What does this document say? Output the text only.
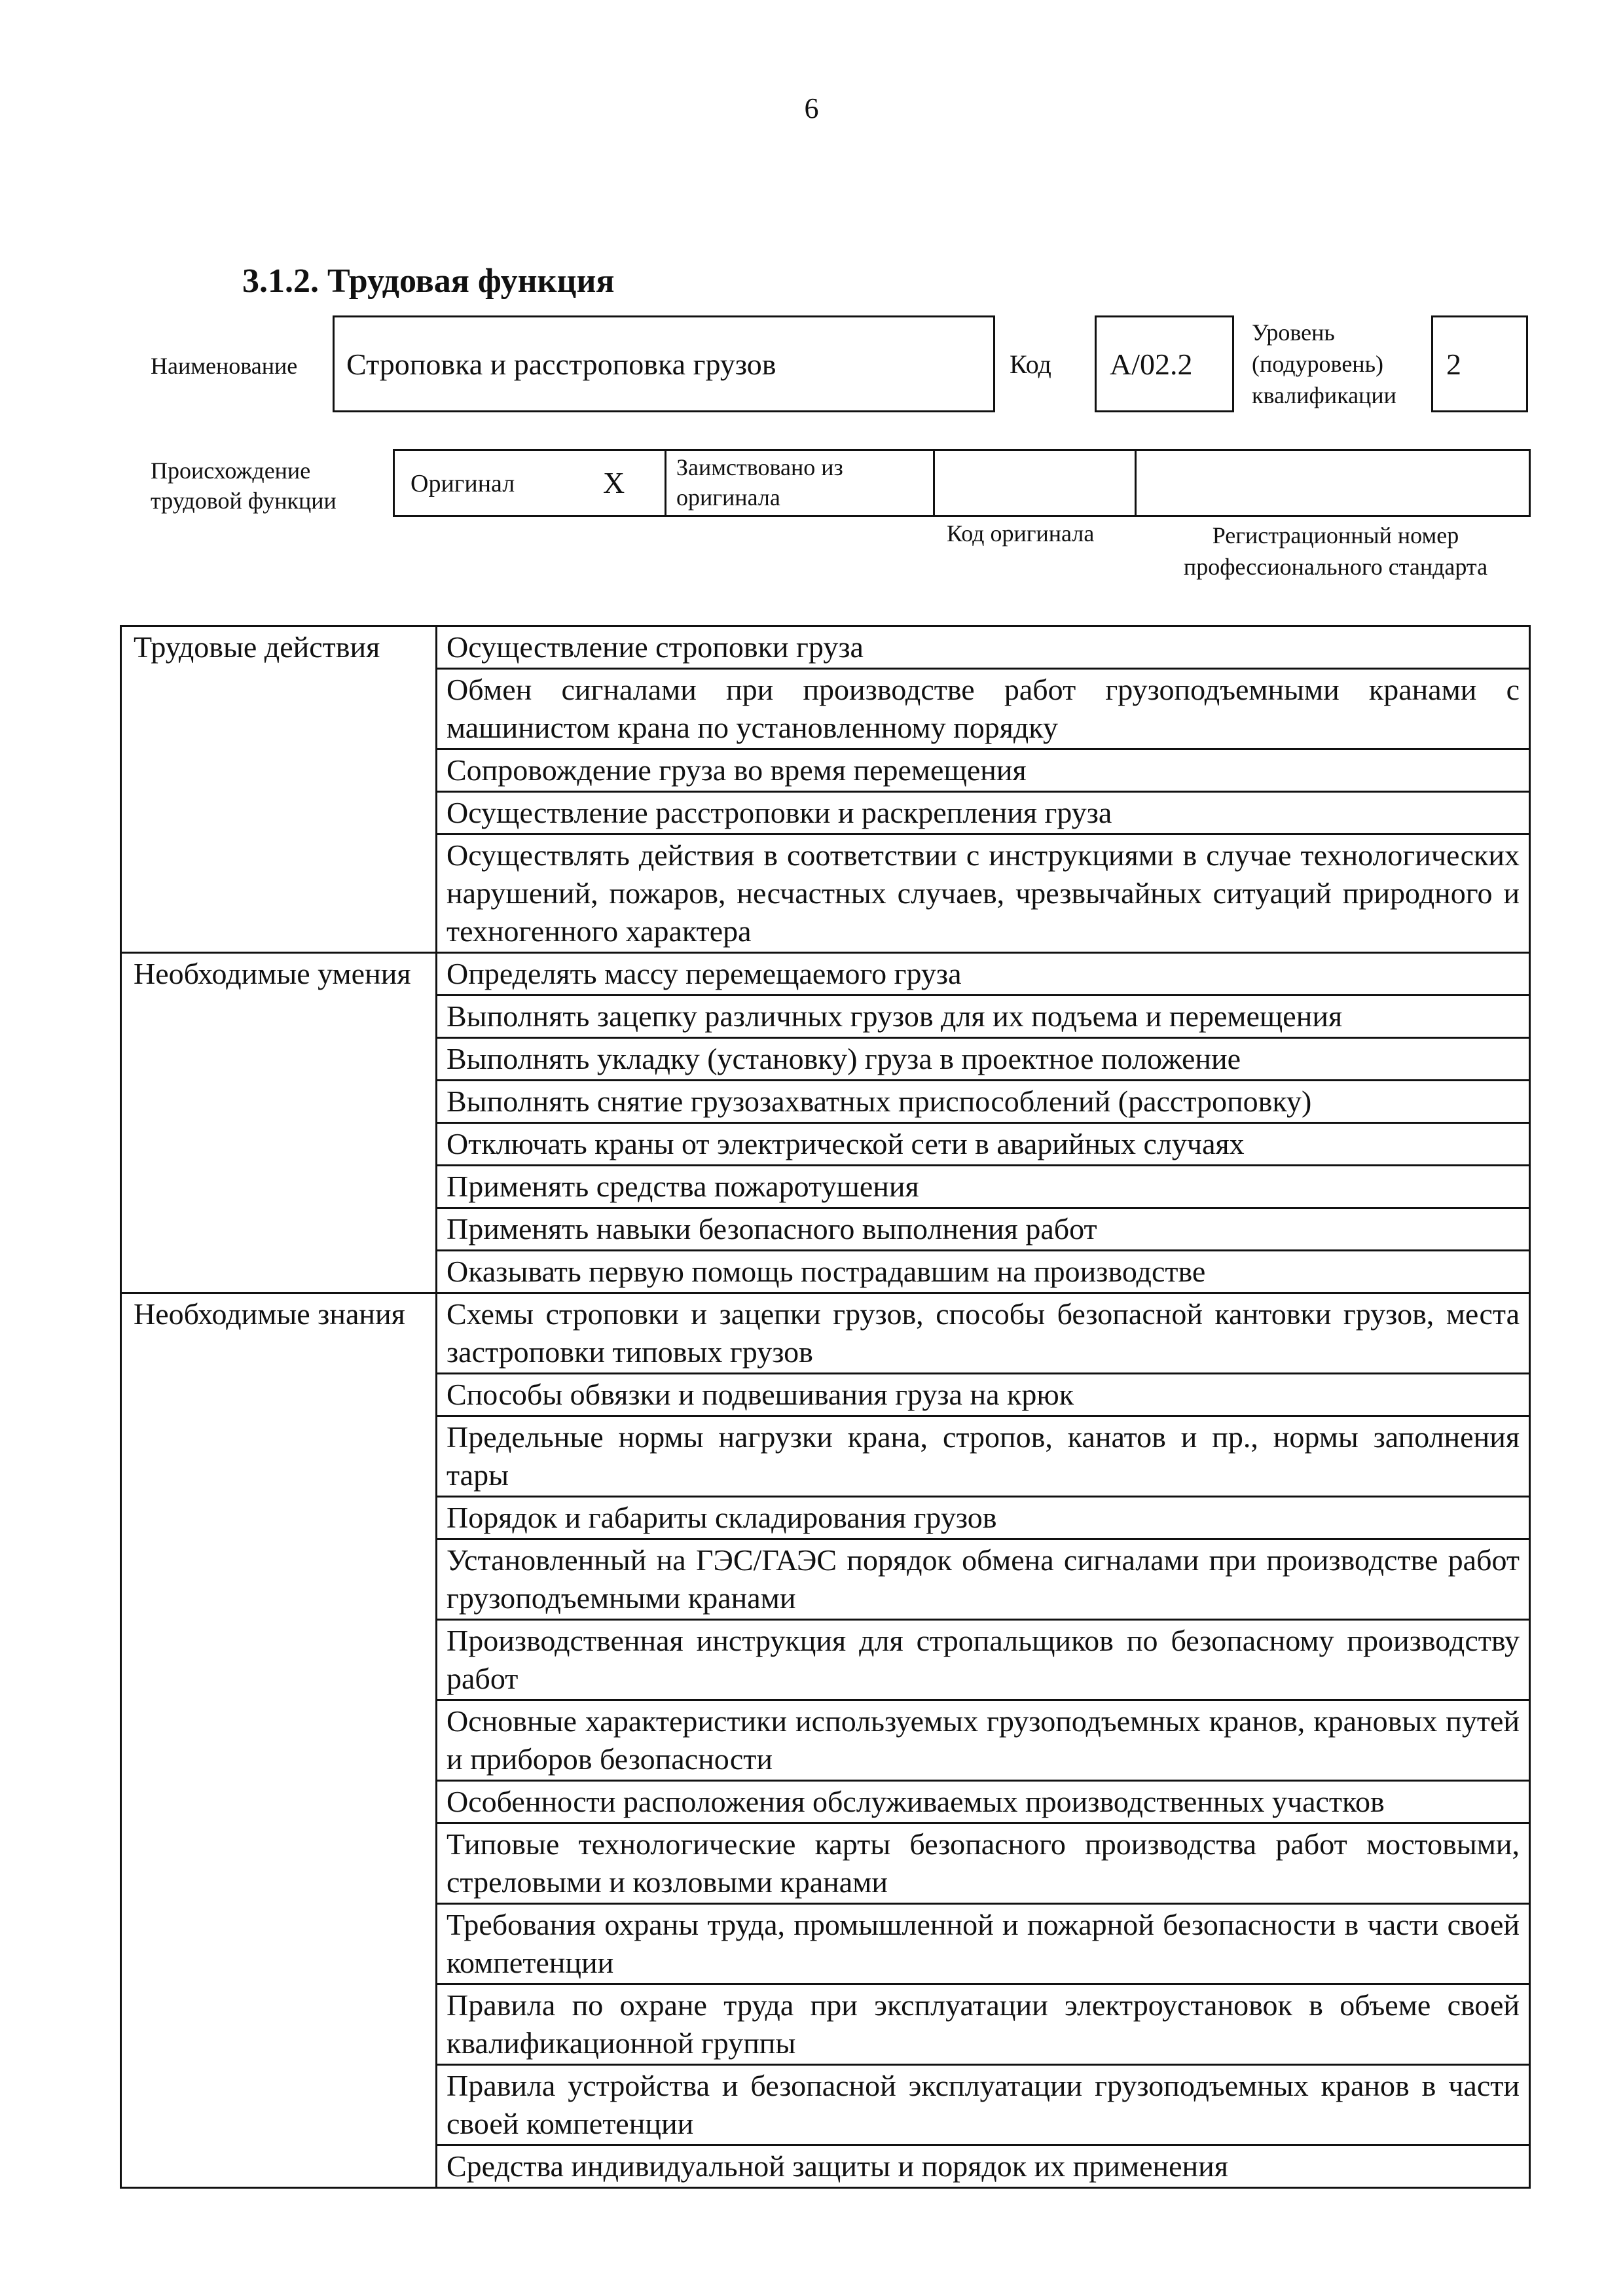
6
3.1.2. Трудовая функция
Наименование Строповка и расстроповка грузов	Код A/02.2
Уровень
(подуровень)
квалификации
2
Происхождение
трудовой функции
Оригинал	X Заимствовано из
оригинала
Код оригинала	Регистрационный номер
профессионального стандарта
Трудовые действия	Осуществление строповки груза
	Обмен сигналами при производстве работ грузоподъемными кранами с машинистом крана по установленному порядку
	Сопровождение груза во время перемещения
	Осуществление расстроповки и раскрепления груза
	Осуществлять действия в соответствии с инструкциями в случае технологических нарушений, пожаров, несчастных случаев, чрезвычайных ситуаций природного и техногенного характера
Необходимые умения	Определять массу перемещаемого груза
	Выполнять зацепку различных грузов для их подъема и перемещения
	Выполнять укладку (установку) груза в проектное положение
	Выполнять снятие грузозахватных приспособлений (расстроповку)
	Отключать краны от электрической сети в аварийных случаях
	Применять средства пожаротушения
	Применять навыки безопасного выполнения работ
	Оказывать первую помощь пострадавшим на производстве
Необходимые знания	Схемы строповки и зацепки грузов, способы безопасной кантовки грузов, места застроповки типовых грузов
	Способы обвязки и подвешивания груза на крюк
	Предельные нормы нагрузки крана, стропов, канатов и пр., нормы заполнения тары
	Порядок и габариты складирования грузов
	Установленный на ГЭС/ГАЭС порядок обмена сигналами при производстве работ грузоподъемными кранами
	Производственная инструкция для стропальщиков по безопасному производству работ
	Основные характеристики используемых грузоподъемных кранов, крановых путей и приборов безопасности
	Особенности расположения обслуживаемых производственных участков
	Типовые технологические карты безопасного производства работ мостовыми, стреловыми и козловыми кранами
	Требования охраны труда, промышленной и пожарной безопасности в части своей компетенции
	Правила по охране труда при эксплуатации электроустановок в объеме своей квалификационной группы
	Правила устройства и безопасной эксплуатации грузоподъемных кранов в части своей компетенции
	Средства индивидуальной защиты и порядок их применения
